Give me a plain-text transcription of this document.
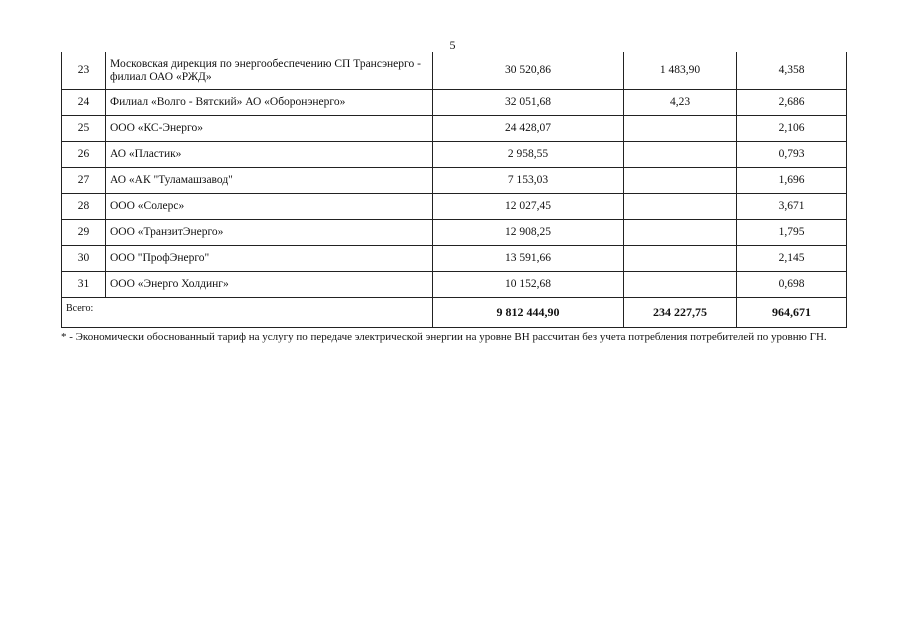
5
23	Московская дирекция по энергообеспечению СП Трансэнерго - филиал ОАО «РЖД»	30 520,86	1 483,90	4,358
24	Филиал «Волго - Вятский» АО «Оборонэнерго»	32 051,68	4,23	2,686
25	ООО «КС-Энерго»	24 428,07		2,106
26	АО «Пластик»	2 958,55		0,793
27	АО «АК "Туламашзавод"	7 153,03		1,696
28	ООО «Солерс»	12 027,45		3,671
29	ООО «ТранзитЭнерго»	12 908,25		1,795
30	ООО "ПрофЭнерго"	13 591,66		2,145
31	ООО «Энерго Холдинг»	10 152,68		0,698
Всего:		9 812 444,90	234 227,75	964,671
* - Экономически обоснованный тариф на услугу по передаче электрической энергии на уровне ВН рассчитан без учета потребления потребителей по уровню ГН.
